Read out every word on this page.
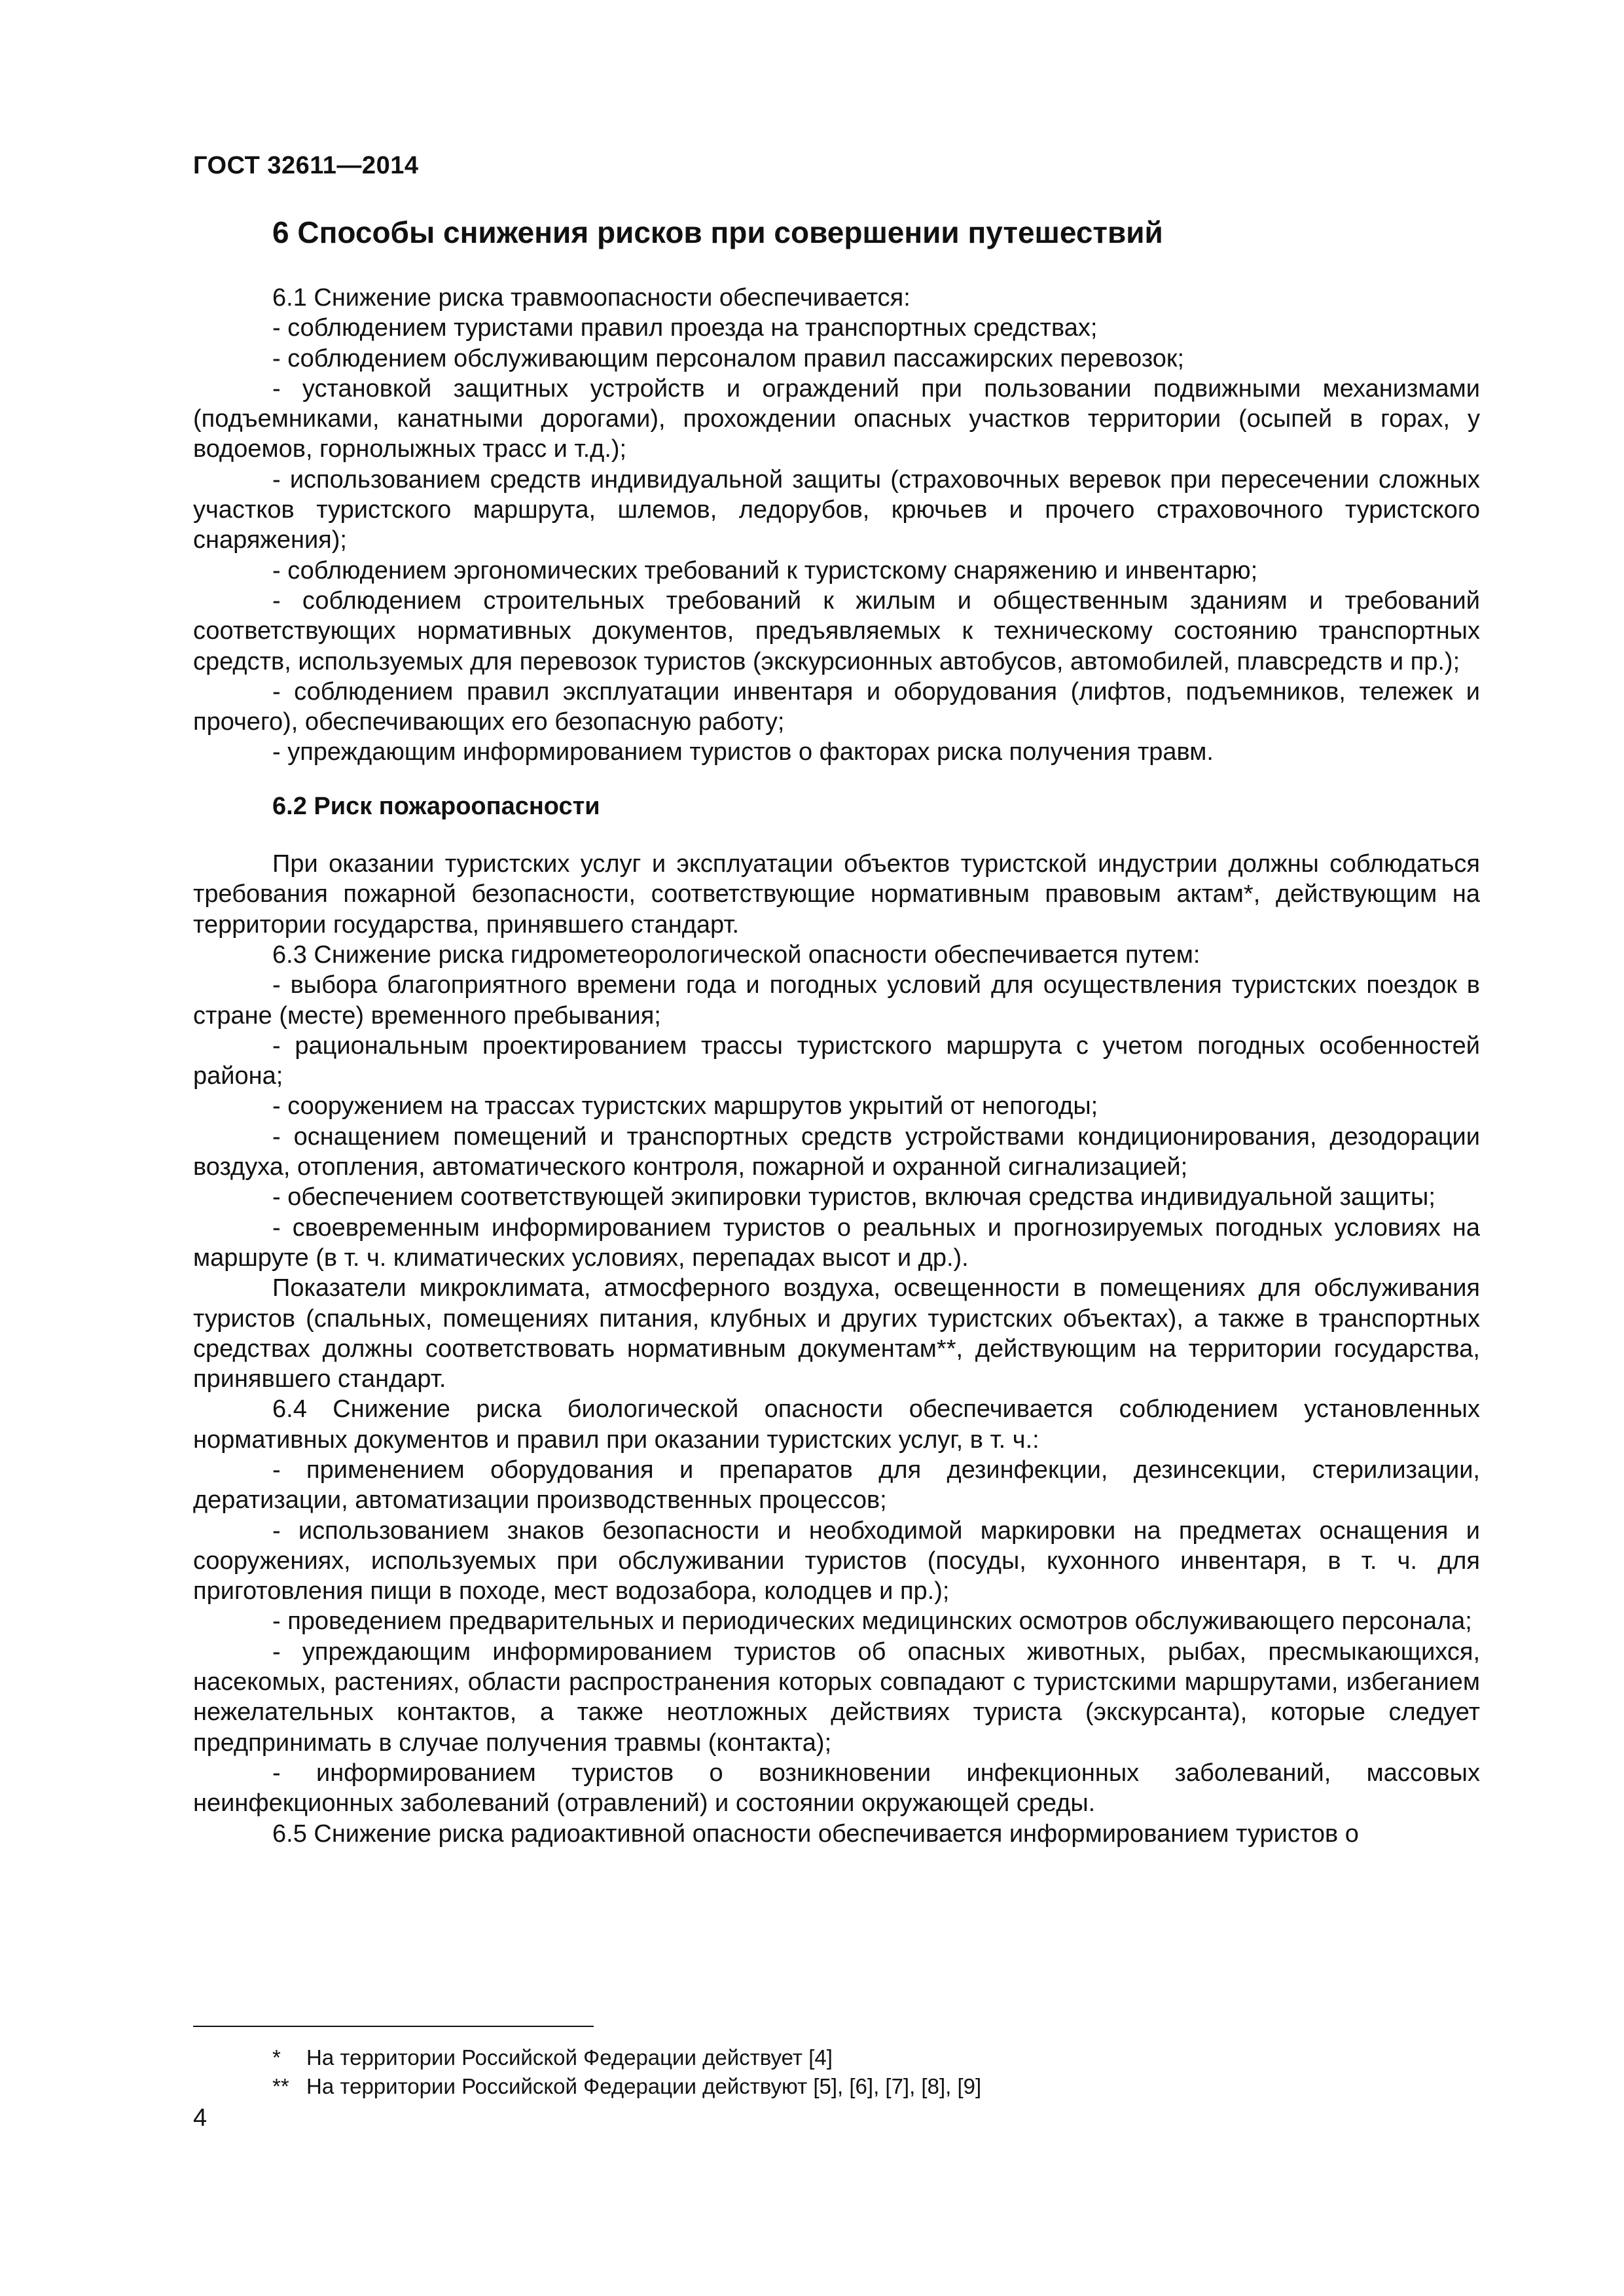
ГОСТ 32611—2014
6 Способы снижения рисков при совершении путешествий

6.1 Снижение риска травмоопасности обеспечивается:

- соблюдением туристами правил проезда на транспортных средствах;

- соблюдением обслуживающим персоналом правил пассажирских перевозок;

- установкой защитных устройств и ограждений при пользовании подвижными механизмами (подъемниками, канатными дорогами), прохождении опасных участков территории (осыпей в горах, у водоемов, горнолыжных трасс и т.д.);

- использованием средств индивидуальной защиты (страховочных веревок при пересечении сложных участков туристского маршрута, шлемов, ледорубов, крючьев и прочего страховочного туристского снаряжения);

- соблюдением эргономических требований к туристскому снаряжению и инвентарю;

- соблюдением строительных требований к жилым и общественным зданиям и требований соответствующих нормативных документов, предъявляемых к техническому состоянию транспортных средств, используемых для перевозок туристов (экскурсионных автобусов, автомобилей, плавсредств и пр.);

- соблюдением правил эксплуатации инвентаря и оборудования (лифтов, подъемников, тележек и прочего), обеспечивающих его безопасную работу;

- упреждающим информированием туристов о факторах риска получения травм.

6.2 Риск пожароопасности

При оказании туристских услуг и эксплуатации объектов туристской индустрии должны соблюдаться требования пожарной безопасности, соответствующие нормативным правовым актам*, действующим на территории государства, принявшего стандарт.

6.3 Снижение риска гидрометеорологической опасности обеспечивается путем:

- выбора благоприятного времени года и погодных условий для осуществления туристских поездок в стране (месте) временного пребывания;

- рациональным проектированием трассы туристского маршрута с учетом погодных особенностей района;

- сооружением на трассах туристских маршрутов укрытий от непогоды;

- оснащением помещений и транспортных средств устройствами кондиционирования, дезодорации воздуха, отопления, автоматического контроля, пожарной и охранной сигнализацией;

- обеспечением соответствующей экипировки туристов, включая средства индивидуальной защиты;

- своевременным информированием туристов о реальных и прогнозируемых погодных условиях на маршруте (в т. ч. климатических условиях, перепадах высот и др.).

Показатели микроклимата, атмосферного воздуха, освещенности в помещениях для обслуживания туристов (спальных, помещениях питания, клубных и других туристских объектах), а также в транспортных средствах должны соответствовать нормативным документам**, действующим на территории государства, принявшего стандарт.

6.4 Снижение риска биологической опасности обеспечивается соблюдением установленных нормативных документов и правил при оказании туристских услуг, в т. ч.:

- применением оборудования и препаратов для дезинфекции, дезинсекции, стерилизации, дератизации, автоматизации производственных процессов;

- использованием знаков безопасности и необходимой маркировки на предметах оснащения и сооружениях, используемых при обслуживании туристов (посуды, кухонного инвентаря, в т. ч. для приготовления пищи в походе, мест водозабора, колодцев и пр.);

- проведением предварительных и периодических медицинских осмотров обслуживающего персонала;

- упреждающим информированием туристов об опасных животных, рыбах, пресмыкающихся, насекомых, растениях, области распространения которых совпадают с туристскими маршрутами, избеганием нежелательных контактов, а также неотложных действиях туриста (экскурсанта), которые следует предпринимать в случае получения травмы (контакта);

- информированием туристов о возникновении инфекционных заболеваний, массовых неинфекционных заболеваний (отравлений) и состоянии окружающей среды.

6.5 Снижение риска радиоактивной опасности обеспечивается информированием туристов о

* На территории Российской Федерации действует [4]
** На территории Российской Федерации действуют [5], [6], [7], [8], [9]
4
